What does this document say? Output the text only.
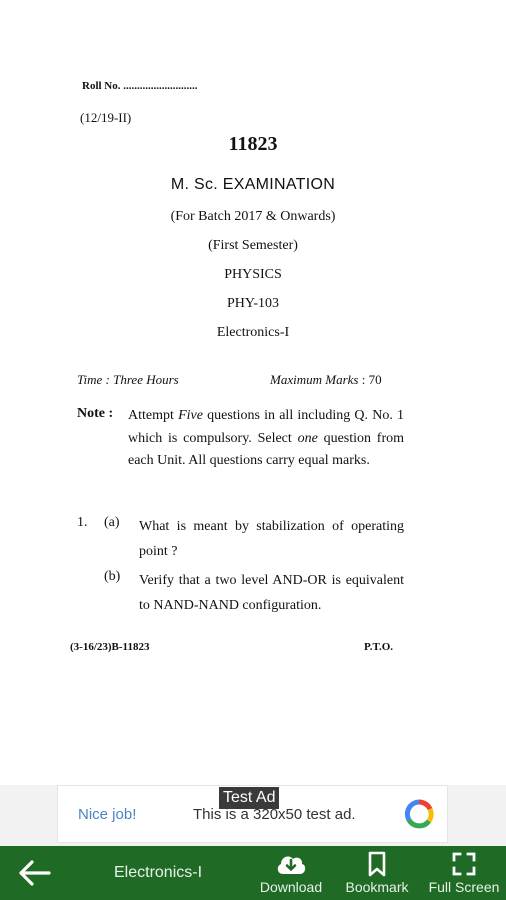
Roll No. ...........................
(12/19-II)
11823
M. Sc. EXAMINATION
(For Batch 2017 & Onwards)
(First Semester)
PHYSICS
PHY-103
Electronics-I
Time : Three Hours	Maximum Marks : 70
Note : Attempt Five questions in all including Q. No. 1 which is compulsory. Select one question from each Unit. All questions carry equal marks.
1. (a) What is meant by stabilization of operating point ?
(b) Verify that a two level AND-OR is equivalent to NAND-NAND configuration.
(3-16/23)B-11823	P.T.O.
Test Ad
Nice job!	This is a 320x50 test ad.
Electronics-I
Download	Bookmark	Full Screen
